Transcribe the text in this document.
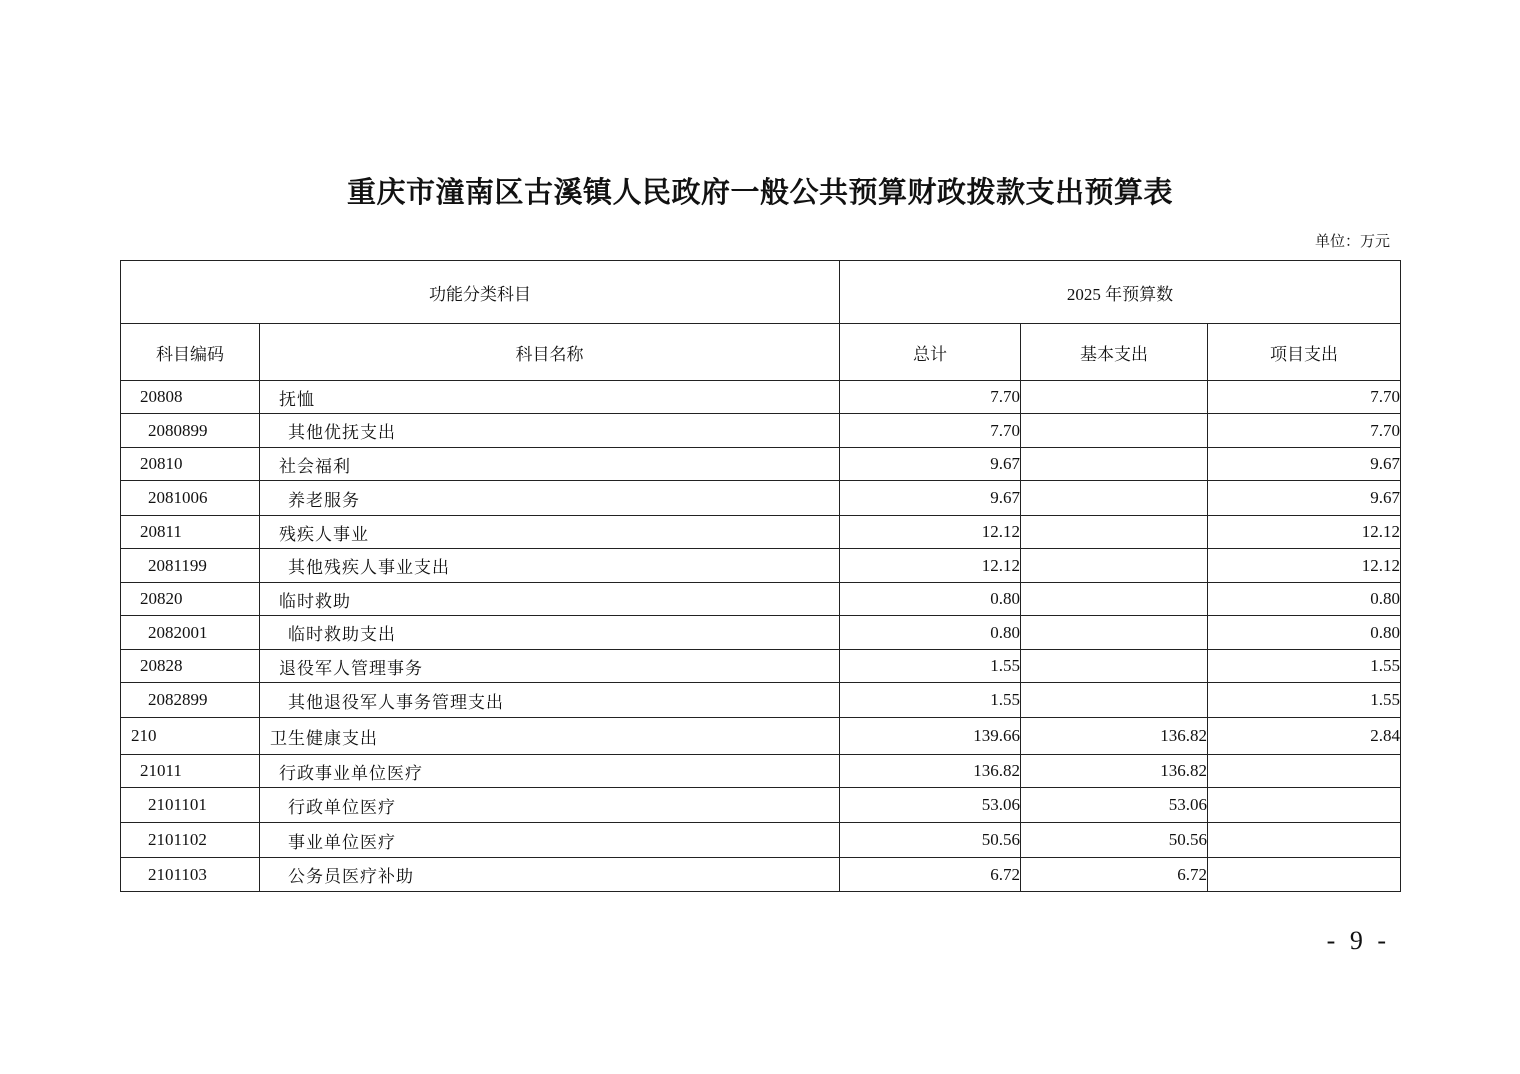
重庆市潼南区古溪镇人民政府一般公共预算财政拨款支出预算表
单位：万元
功能分类科目		2025 年预算数		
科目编码	科目名称	总计	基本支出	项目支出
20808	抚恤	7.70		7.70
2080899	其他优抚支出	7.70		7.70
20810	社会福利	9.67		9.67
2081006	养老服务	9.67		9.67
20811	残疾人事业	12.12		12.12
2081199	其他残疾人事业支出	12.12		12.12
20820	临时救助	0.80		0.80
2082001	临时救助支出	0.80		0.80
20828	退役军人管理事务	1.55		1.55
2082899	其他退役军人事务管理支出	1.55		1.55
210	卫生健康支出	139.66	136.82	2.84
21011	行政事业单位医疗	136.82	136.82	
2101101	行政单位医疗	53.06	53.06	
2101102	事业单位医疗	50.56	50.56	
2101103	公务员医疗补助	6.72	6.72	
- 9 -
